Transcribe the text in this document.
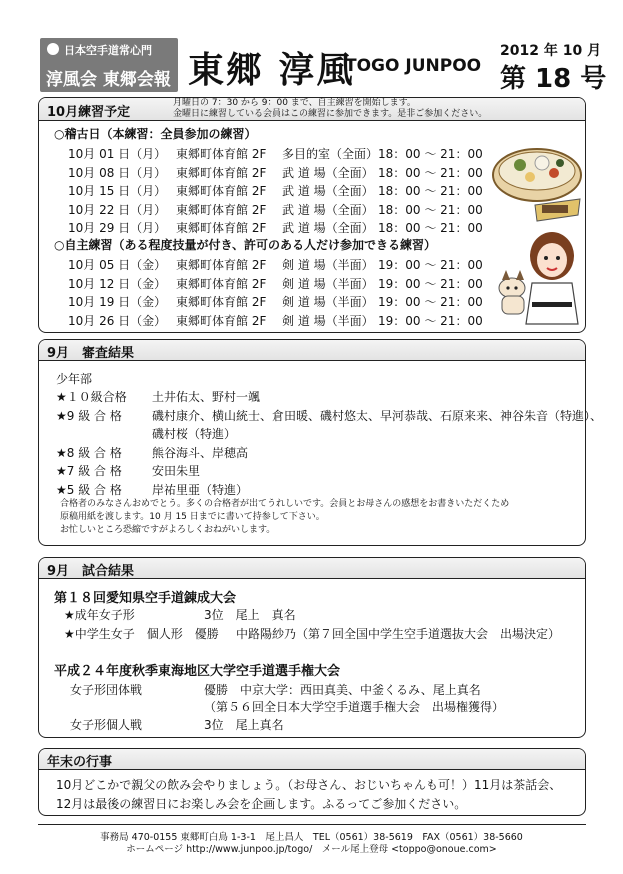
日本空手道常心門
淳風会 東郷会報 東郷 淳風
TOGO JUNPOO
2012 年 10 月
第 18 号
10月練習予定
月曜日の 7：30 から 9：00 まで、自主練習を開始します。
金曜日に練習している会員はこの練習に参加できます。是非ご参加ください。
○稽古日（本練習：全員参加の練習）
10月 01 日（月） 東郷町体育館 2F 多目的室（全面） 18：00 ～ 21：00
10月 08 日（月） 東郷町体育館 2F 武 道 場（全面） 18：00 ～ 21：00
10月 15 日（月） 東郷町体育館 2F 武 道 場（全面） 18：00 ～ 21：00
10月 22 日（月） 東郷町体育館 2F 武 道 場（全面） 18：00 ～ 21：00
10月 29 日（月） 東郷町体育館 2F 武 道 場（全面） 18：00 ～ 21：00
○自主練習（ある程度技量が付き、許可のある人だけ参加できる練習）
10月 05 日（金） 東郷町体育館 2F 剣 道 場（半面） 19：00 ～ 21：00
10月 12 日（金） 東郷町体育館 2F 剣 道 場（半面） 19：00 ～ 21：00
10月 19 日（金） 東郷町体育館 2F 剣 道 場（半面） 19：00 ～ 21：00
10月 26 日（金） 東郷町体育館 2F 剣 道 場（半面） 19：00 ～ 21：00
9月　審査結果
少年部
★１０級合格 土井佑太、野村一颯
★9 級 合 格	磯村康介、横山統士、倉田暖、磯村悠太、早河恭哉、石原来来、神谷朱音（特進）、
磯村桜（特進）
★8 級 合 格	熊谷海斗、岸穂高
★7 級 合 格	安田朱里
★5 級 合 格	岸祐里亜（特進）
合格者のみなさんおめでとう。多くの合格者が出てうれしいです。会員とお母さんの感想をお書きいただくため
原稿用紙を渡します。10 月 15 日までに書いて持参して下さい。
お忙しいところ恐縮ですがよろしくおねがいします。
9月　試合結果
第１８回愛知県空手道錬成大会
★成年女子形	3位　尾上　真名
★中学生女子　個人形　優勝 中路陽紗乃（第７回全国中学生空手道選抜大会　出場決定）
平成２４年度秋季東海地区大学空手道選手権大会
女子形団体戦	優勝　中京大学：西田真美、中釜くるみ、尾上真名
（第５６回全日本大学空手道選手権大会　出場権獲得）
女子形個人戦	3位　尾上真名
年末の行事
10月どこかで親父の飲み会やりましょう。（お母さん、おじいちゃんも可！）11月は茶話会、
12月は最後の練習日にお楽しみ会を企画します。ふるってご参加ください。
事務局 470-0155 東郷町白鳥 1-3-1　尾上昌人　TEL（0561）38-5619　FAX（0561）38-5660
ホームページ http://www.junpoo.jp/togo/　メール尾上登母 <toppo@onoue.com>
